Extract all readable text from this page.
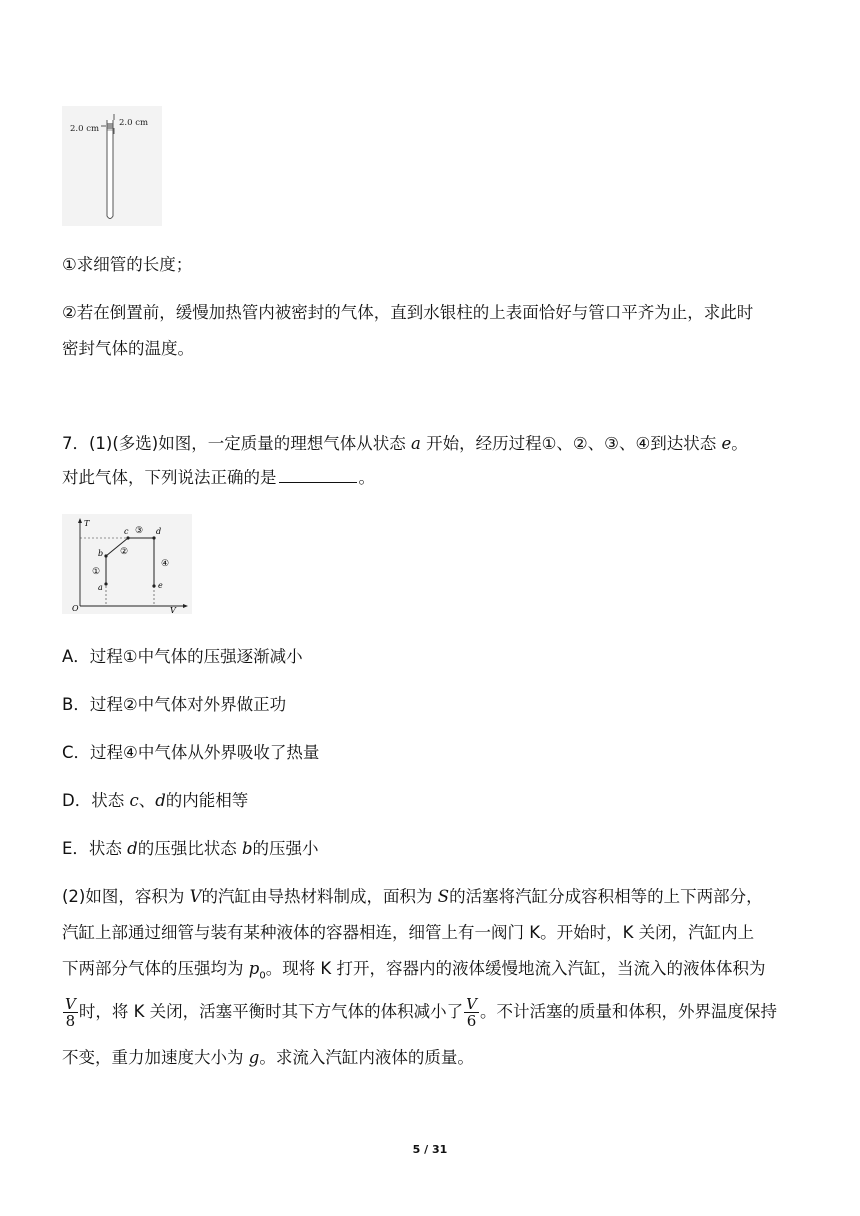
2.0 cm
2.0 cm
①求细管的长度；
②若在倒置前，缓慢加热管内被密封的气体，直到水银柱的上表面恰好与管口平齐为止，求此时
密封气体的温度。
7．(1)(多选)如图，一定质量的理想气体从状态 a 开始，经历过程①、②、③、④到达状态 e。
对此气体，下列说法正确的是	。
T
V
O
a
b
c	d
e
①
②
③
④
A．过程①中气体的压强逐渐减小
B．过程②中气体对外界做正功
C．过程④中气体从外界吸收了热量
D．状态 c、d的内能相等
E．状态 d的压强比状态 b的压强小
(2)如图，容积为 V的汽缸由导热材料制成，面积为 S的活塞将汽缸分成容积相等的上下两部分，
汽缸上部通过细管与装有某种液体的容器相连，细管上有一阀门 K。开始时，K 关闭，汽缸内上
下两部分气体的压强均为 $p_0$。现将 K 打开，容器内的液体缓慢地流入汽缸，当流入的液体体积为
$\frac{V}{8}$ 时，将 K 关闭，活塞平衡时其下方气体的体积减小了 $\frac{V}{6}$ 。不计活塞的质量和体积，外界温度保持
不变，重力加速度大小为 g。求流入汽缸内液体的质量。
5 / 31
